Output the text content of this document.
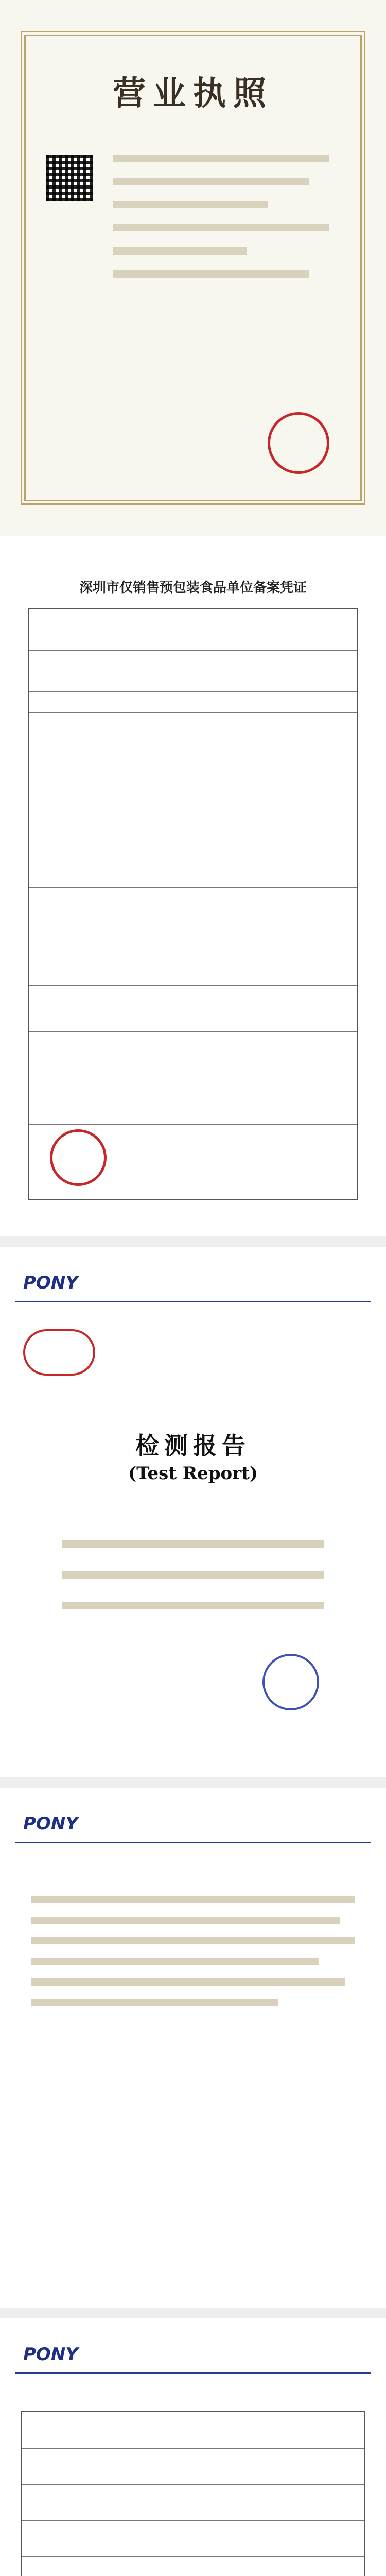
营业执照
深圳市仅销售预包装食品单位备案凭证
PONY
检测报告
(Test Report)
PONY
PONY
